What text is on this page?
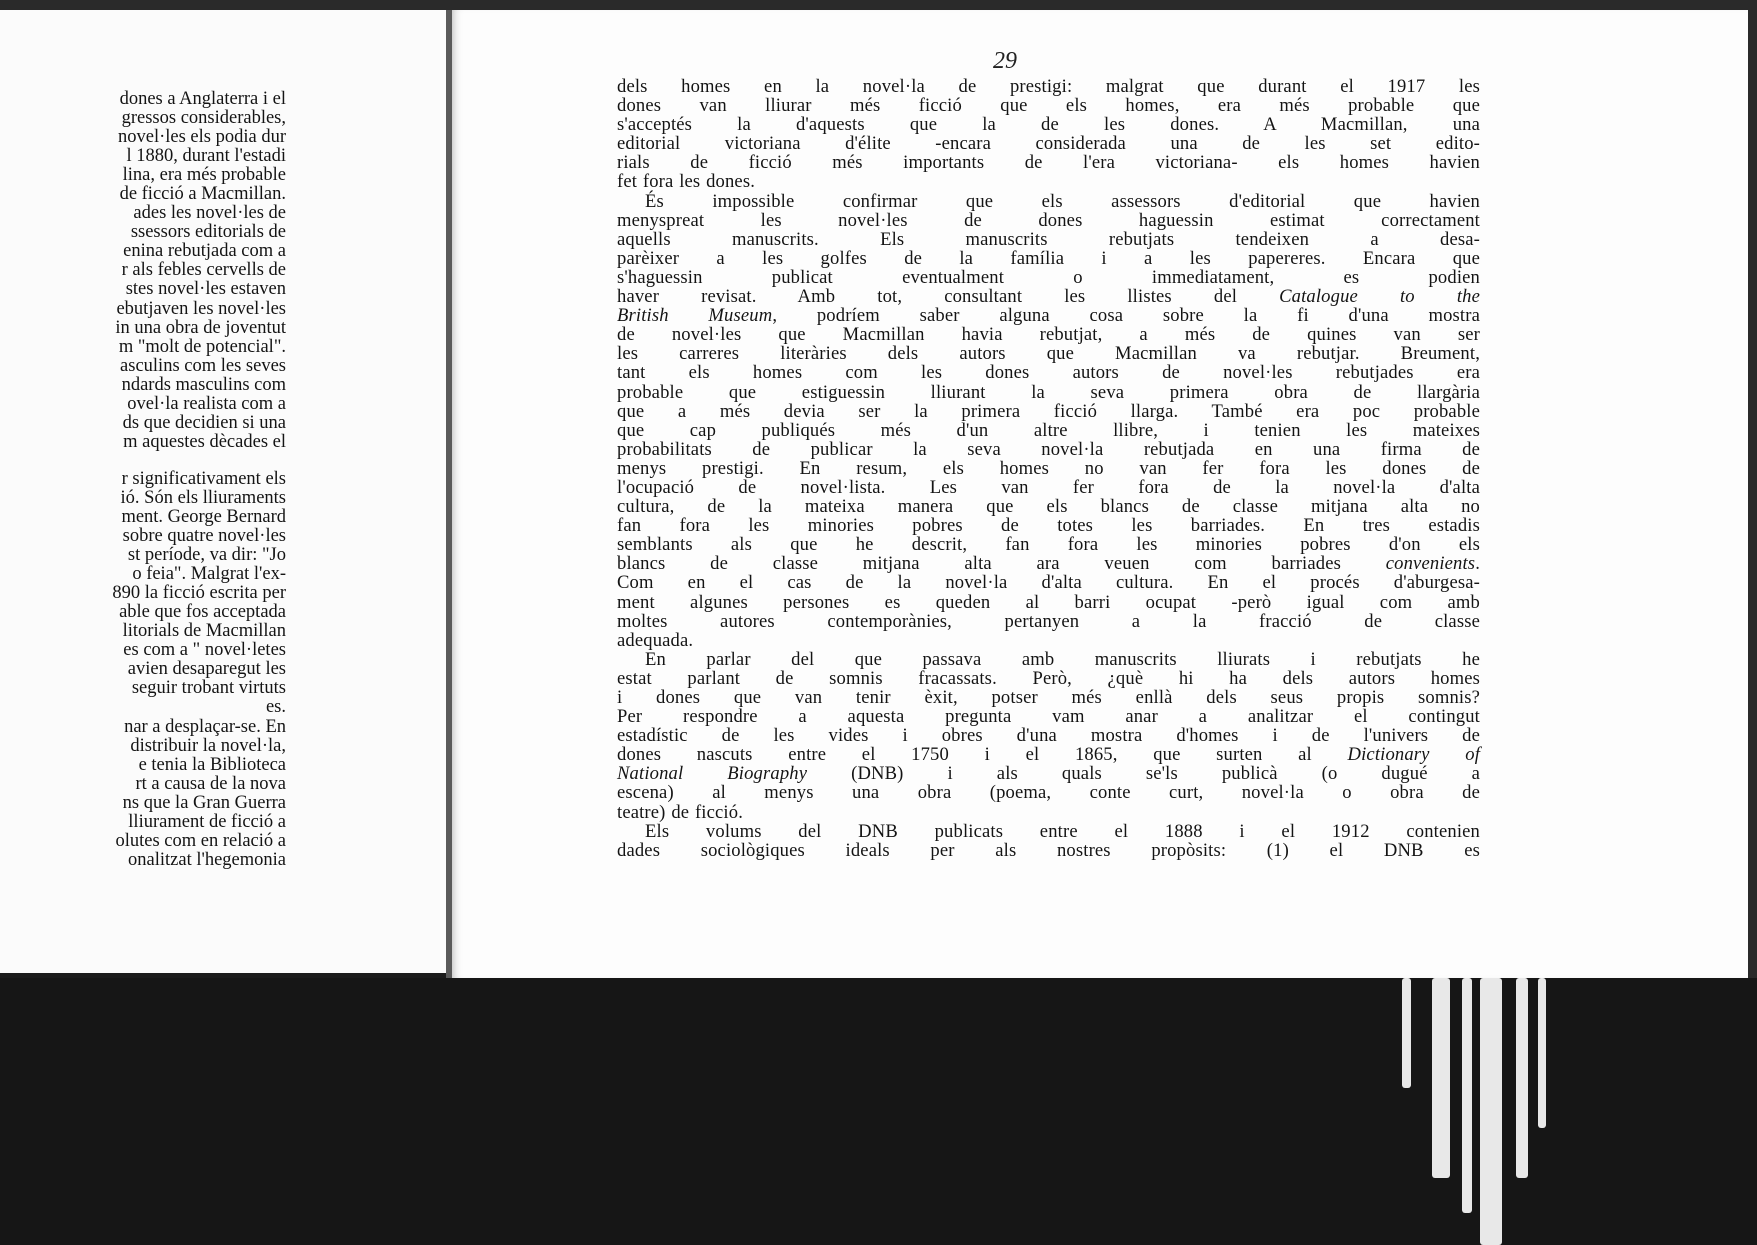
dones a Anglaterra i el
gressos considerables,
novel·les els podia dur
l 1880, durant l'estadi
lina, era més probable
de ficció a Macmillan.
ades les novel·les de
ssessors editorials de
enina rebutjada com a
r als febles cervells de
stes novel·les estaven
ebutjaven les novel·les
in una obra de joventut
m "molt de potencial".
asculins com les seves
ndards masculins com
ovel·la realista com a
ds que decidien si una
m aquestes dècades el
r significativament els
ió. Són els lliuraments
ment. George Bernard
sobre quatre novel·les
st període, va dir: "Jo
o feia". Malgrat l'ex-
890 la ficció escrita per
able que fos acceptada
litorials de Macmillan
es com a " novel·letes
avien desaparegut les
seguir trobant virtuts
es.
nar a desplaçar-se. En
distribuir la novel·la,
e tenia la Biblioteca
rt a causa de la nova
ns que la Gran Guerra
lliurament de ficció a
olutes com en relació a
onalitzat l'hegemonia
29
dels homes en la novel·la de prestigi: malgrat que durant el 1917 les
dones van lliurar més ficció que els homes, era més probable que
s'acceptés la d'aquests que la de les dones. A Macmillan, una
editorial victoriana d'élite -encara considerada una de les set edito-
rials de ficció més importants de l'era victoriana- els homes havien
fet fora les dones.
És impossible confirmar que els assessors d'editorial que havien
menyspreat les novel·les de dones haguessin estimat correctament
aquells manuscrits. Els manuscrits rebutjats tendeixen a desa-
parèixer a les golfes de la família i a les papereres. Encara que
s'haguessin publicat eventualment o immediatament, es podien
haver revisat. Amb tot, consultant les llistes del Catalogue to the
British Museum, podríem saber alguna cosa sobre la fi d'una mostra
de novel·les que Macmillan havia rebutjat, a més de quines van ser
les carreres literàries dels autors que Macmillan va rebutjar. Breument,
tant els homes com les dones autors de novel·les rebutjades era
probable que estiguessin lliurant la seva primera obra de llargària
que a més devia ser la primera ficció llarga. També era poc probable
que cap publiqués més d'un altre llibre, i tenien les mateixes
probabilitats de publicar la seva novel·la rebutjada en una firma de
menys prestigi. En resum, els homes no van fer fora les dones de
l'ocupació de novel·lista. Les van fer fora de la novel·la d'alta
cultura, de la mateixa manera que els blancs de classe mitjana alta no
fan fora les minories pobres de totes les barriades. En tres estadis
semblants als que he descrit, fan fora les minories pobres d'on els
blancs de classe mitjana alta ara veuen com barriades convenients.
Com en el cas de la novel·la d'alta cultura. En el procés d'aburgesa-
ment algunes persones es queden al barri ocupat -però igual com amb
moltes autores contemporànies, pertanyen a la fracció de classe
adequada.
En parlar del que passava amb manuscrits lliurats i rebutjats he
estat parlant de somnis fracassats. Però, ¿què hi ha dels autors homes
i dones que van tenir èxit, potser més enllà dels seus propis somnis?
Per respondre a aquesta pregunta vam anar a analitzar el contingut
estadístic de les vides i obres d'una mostra d'homes i de l'univers de
dones nascuts entre el 1750 i el 1865, que surten al Dictionary of
National Biography (DNB) i als quals se'ls publicà (o dugué a
escena) al menys una obra (poema, conte curt, novel·la o obra de
teatre) de ficció.
Els volums del DNB publicats entre el 1888 i el 1912 contenien
dades sociològiques ideals per als nostres propòsits: (1) el DNB es
